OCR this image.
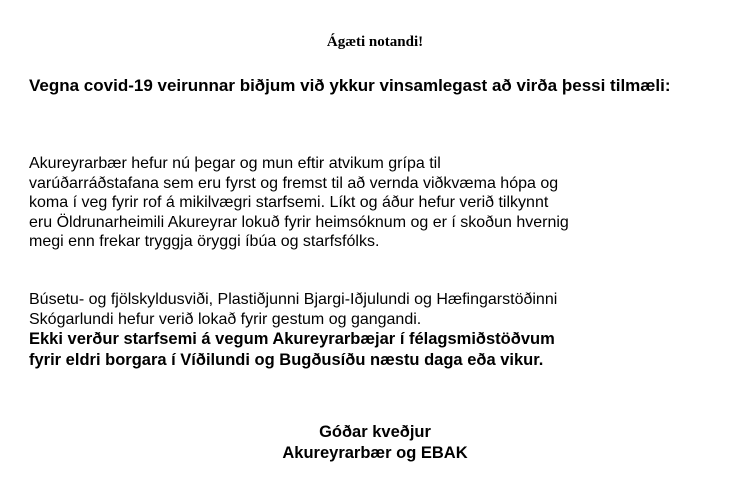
Ágæti notandi!
Vegna covid-19 veirunnar biðjum við ykkur vinsamlegast að virða þessi tilmæli:

Akureyrarbær hefur nú þegar og mun eftir atvikum grípa til
varúðarráðstafana sem eru fyrst og fremst til að vernda viðkvæma hópa og
koma í veg fyrir rof á mikilvægri starfsemi. Líkt og áður hefur verið tilkynnt
eru Öldrunarheimili Akureyrar lokuð fyrir heimsóknum og er í skoðun hvernig
megi enn frekar tryggja öryggi íbúa og starfsfólks.

Búsetu- og fjölskyldusviði, Plastiðjunni Bjargi-Iðjulundi og Hæfingarstöðinni
Skógarlundi hefur verið lokað fyrir gestum og gangandi.
Ekki verður starfsemi á vegum Akureyrarbæjar í félagsmiðstöðvum
fyrir eldri borgara í Víðilundi og Bugðusíðu næstu daga eða vikur.

Góðar kveðjur
Akureyrarbær og EBAK
